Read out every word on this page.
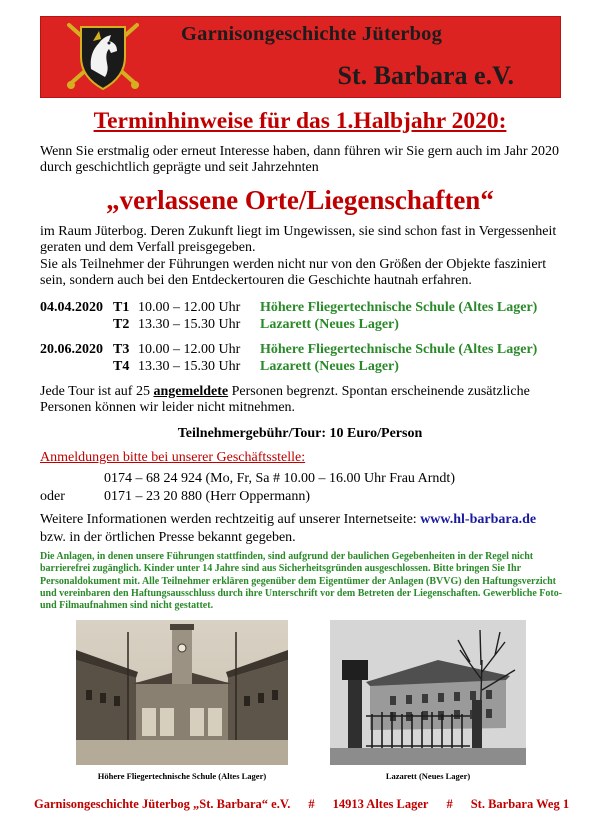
Garnisongeschichte Jüterbog
St. Barbara e.V.
Terminhinweise für das 1.Halbjahr 2020:

Wenn Sie erstmalig oder erneut Interesse haben, dann führen wir Sie gern auch im Jahr 2020 durch geschichtlich geprägte und seit Jahrzehnten

„verlassene Orte/Liegenschaften“

im Raum Jüterbog. Deren Zukunft liegt im Ungewissen, sie sind schon fast in Vergessenheit geraten und dem Verfall preisgegeben.

Sie als Teilnehmer der Führungen werden nicht nur von den Größen der Objekte fasziniert sein, sondern auch bei den Entdeckertouren die Geschichte hautnah erfahren.

04.04.2020 T1 10.00 – 12.00 Uhr Höhere Fliegertechnische Schule (Altes Lager)
T2 13.30 – 15.30 Uhr Lazarett (Neues Lager)
20.06.2020 T3 10.00 – 12.00 Uhr Höhere Fliegertechnische Schule (Altes Lager)
T4 13.30 – 15.30 Uhr Lazarett (Neues Lager)

Jede Tour ist auf 25 angemeldete Personen begrenzt. Spontan erscheinende zusätzliche Personen können wir leider nicht mitnehmen.

Teilnehmergebühr/Tour: 10 Euro/Person
Anmeldungen bitte bei unserer Geschäftsstelle:
0174 – 68 24 924 (Mo, Fr, Sa # 10.00 – 16.00 Uhr Frau Arndt)
oder	0171 – 23 20 880 (Herr Oppermann)

Weitere Informationen werden rechtzeitig auf unserer Internetseite: www.hl-barbara.de

bzw. in der örtlichen Presse bekannt gegeben.

Die Anlagen, in denen unsere Führungen stattfinden, sind aufgrund der baulichen Gegebenheiten in der Regel nicht barrierefrei zugänglich. Kinder unter 14 Jahre sind aus Sicherheitsgründen ausgeschlossen. Bitte bringen Sie Ihr Personaldokument mit. Alle Teilnehmer erklären gegenüber dem Eigentümer der Anlagen (BVVG) den Haftungsverzicht und vereinbaren den Haftungsausschluss durch ihre Unterschrift vor dem Betreten der Liegenschaften. Gewerbliche Foto- und Filmaufnahmen sind nicht gestattet.

Höhere Fliegertechnische Schule (Altes Lager)	Lazarett (Neues Lager)
Garnisongeschichte Jüterbog „St. Barbara“ e.V. # 14913 Altes Lager # St. Barbara Weg 1
